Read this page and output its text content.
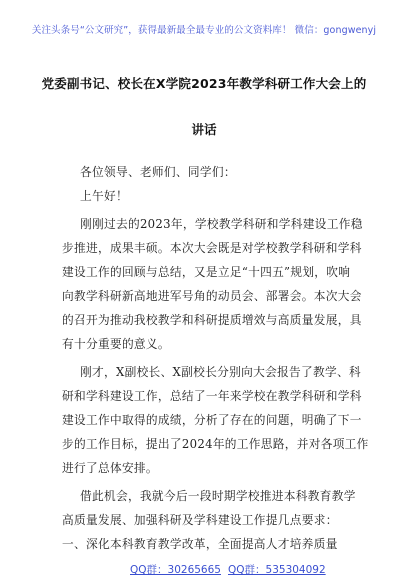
关注头条号“公文研究”，获得最新最全最专业的公文资料库！ 微信：gongwenyj
党委副书记、校长在X学院2023年教学科研工作大会上的
讲话
各位领导、老师们、同学们：
上午好！
刚刚过去的2023年，学校教学科研和学科建设工作稳
步推进，成果丰硕。本次大会既是对学校教学科研和学科
建设工作的回顾与总结，又是立足“十四五”规划，吹响
向教学科研新高地进军号角的动员会、部署会。本次大会
的召开为推动我校教学和科研提质增效与高质量发展，具
有十分重要的意义。
刚才，X副校长、X副校长分别向大会报告了教学、科
研和学科建设工作，总结了一年来学校在教学科研和学科
建设工作中取得的成绩，分析了存在的问题，明确了下一
步的工作目标，提出了2024年的工作思路，并对各项工作
进行了总体安排。
借此机会，我就今后一段时期学校推进本科教育教学
高质量发展、加强科研及学科建设工作提几点要求：
一、深化本科教育教学改革，全面提高人才培养质量
QQ群：30265665 QQ群：535304092
